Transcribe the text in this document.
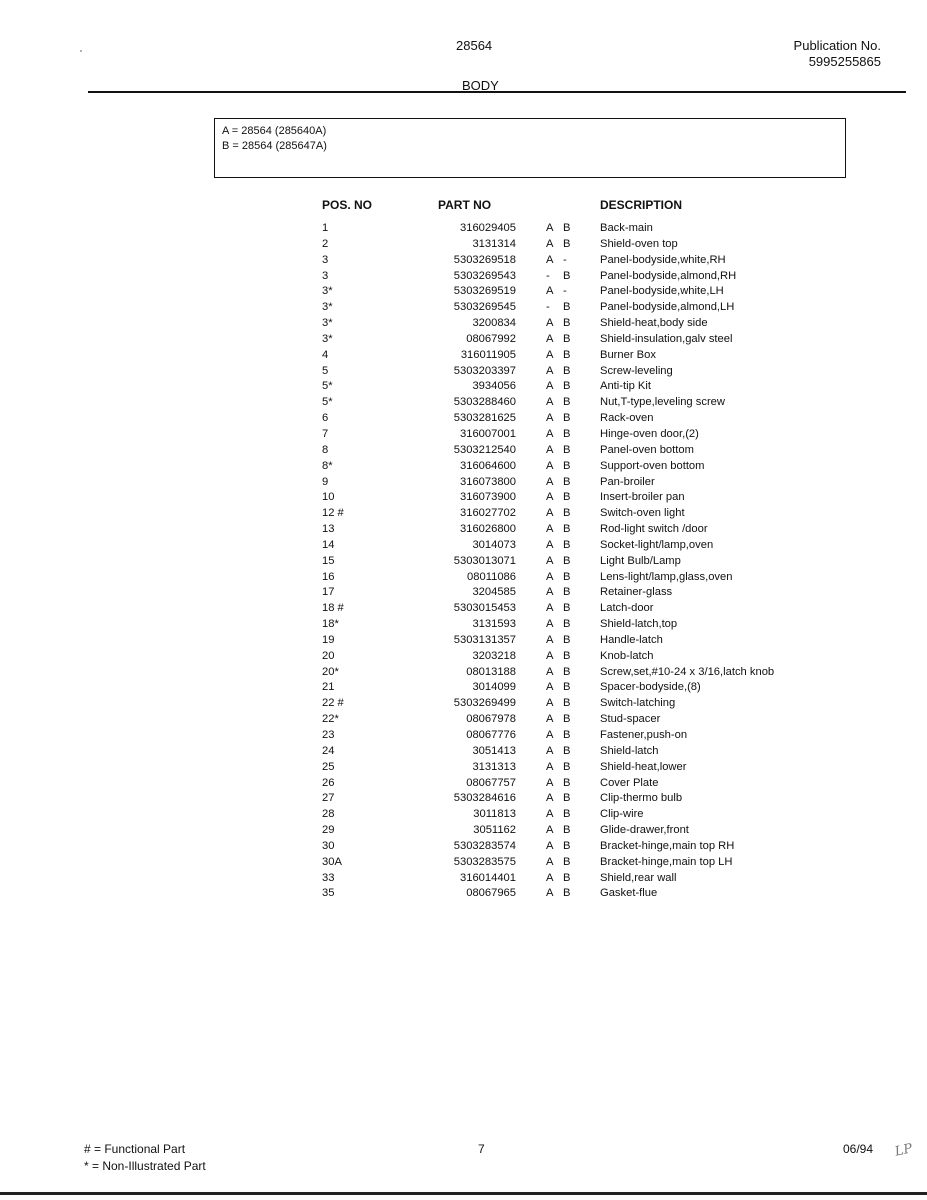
28564	Publication No.
5995255865
BODY
A = 28564 (285640A)
B = 28564 (285647A)
POS. NO	PART NO	DESCRIPTION
1	316029405	A B	Back-main
2	3131314	A B	Shield-oven top
3	5303269518	A -	Panel-bodyside,white,RH
3	5303269543	- B	Panel-bodyside,almond,RH
3*	5303269519	A -	Panel-bodyside,white,LH
3*	5303269545	- B	Panel-bodyside,almond,LH
3*	3200834	A B	Shield-heat,body side
3*	08067992	A B	Shield-insulation,galv steel
4	316011905	A B	Burner Box
5	5303203397	A B	Screw-leveling
5*	3934056	A B	Anti-tip Kit
5*	5303288460	A B	Nut,T-type,leveling screw
6	5303281625	A B	Rack-oven
7	316007001	A B	Hinge-oven door,(2)
8	5303212540	A B	Panel-oven bottom
8*	316064600	A B	Support-oven bottom
9	316073800	A B	Pan-broiler
10	316073900	A B	Insert-broiler pan
12 #	316027702	A B	Switch-oven light
13	316026800	A B	Rod-light switch /door
14	3014073	A B	Socket-light/lamp,oven
15	5303013071	A B	Light Bulb/Lamp
16	08011086	A B	Lens-light/lamp,glass,oven
17	3204585	A B	Retainer-glass
18 #	5303015453	A B	Latch-door
18*	3131593	A B	Shield-latch,top
19	5303131357	A B	Handle-latch
20	3203218	A B	Knob-latch
20*	08013188	A B	Screw,set,#10-24 x 3/16,latch knob
21	3014099	A B	Spacer-bodyside,(8)
22 #	5303269499	A B	Switch-latching
22*	08067978	A B	Stud-spacer
23	08067776	A B	Fastener,push-on
24	3051413	A B	Shield-latch
25	3131313	A B	Shield-heat,lower
26	08067757	A B	Cover Plate
27	5303284616	A B	Clip-thermo bulb
28	3011813	A B	Clip-wire
29	3051162	A B	Glide-drawer,front
30	5303283574	A B	Bracket-hinge,main top RH
30A	5303283575	A B	Bracket-hinge,main top LH
33	316014401	A B	Shield,rear wall
35	08067965	A B	Gasket-flue
# = Functional Part
* = Non-Illustrated Part
7	06/94 LP
